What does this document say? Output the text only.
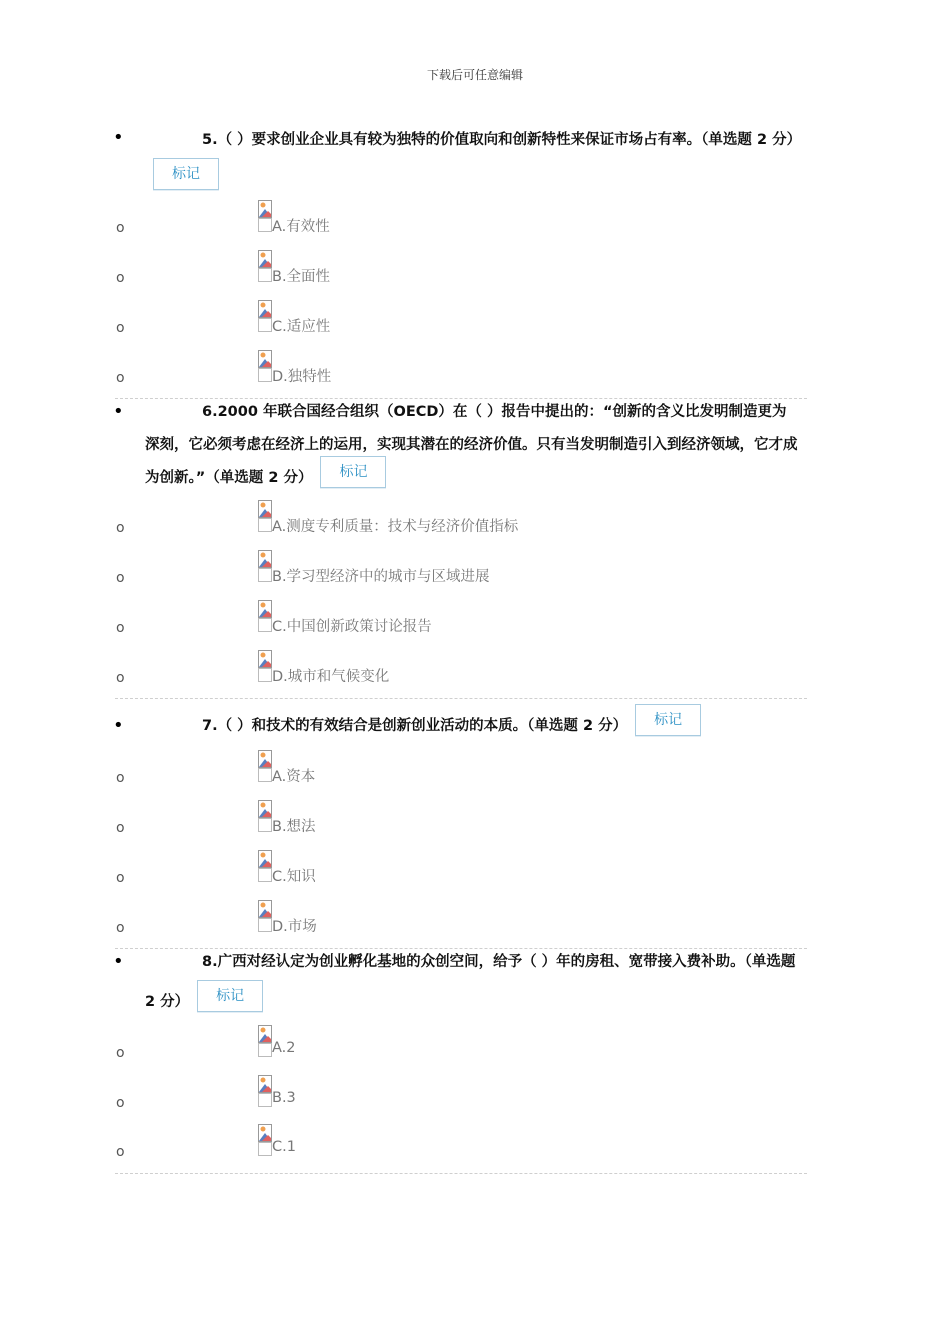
下载后可任意编辑
•	5.（ ）要求创业企业具有较为独特的价值取向和创新特性来保证市场占有率。（单选题 2 分）标记
o	A.有效性
o	B.全面性
o	C.适应性
o	D.独特性
•	6.2000 年联合国经合组织（OECD）在（ ）报告中提出的：“创新的含义比发明制造更为深刻，它必须考虑在经济上的运用，实现其潜在的经济价值。只有当发明制造引入到经济领域，它才成为创新。”（单选题 2 分） 标记
o	A.测度专利质量：技术与经济价值指标
o	B.学习型经济中的城市与区域进展
o	C.中国创新政策讨论报告
o	D.城市和气候变化
•	7.（ ）和技术的有效结合是创新创业活动的本质。（单选题 2 分） 标记
o	A.资本
o	B.想法
o	C.知识
o	D.市场
•	8.广西对经认定为创业孵化基地的众创空间，给予（ ）年的房租、宽带接入费补助。（单选题 2 分） 标记
o	A.2
o	B.3
o	C.1
